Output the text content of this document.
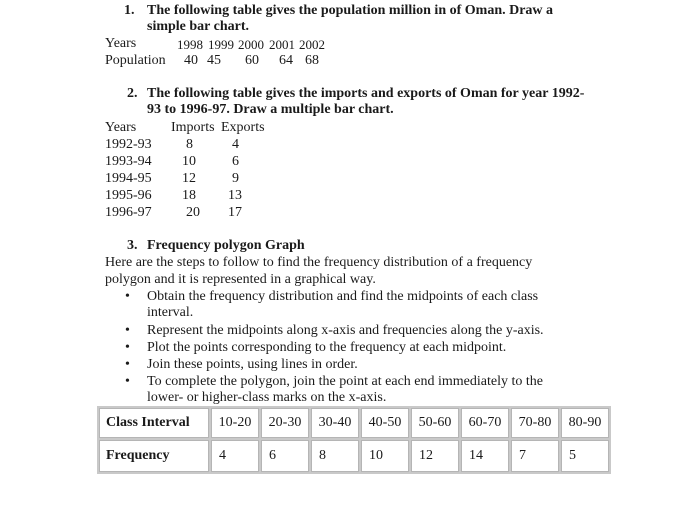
1. The following table gives the population million in of Oman. Draw a
simple bar chart.
Years	1998 1999 2000 2001 2002
Population 40 45 60 64 68
2. The following table gives the imports and exports of Oman for year 1992-
93 to 1996-97. Draw a multiple bar chart.
Years Imports Exports
1992-93 8	4
1993-94 10	6
1994-95 12	9
1995-96 18 13
1996-97 20 17
3. Frequency polygon Graph
Here are the steps to follow to find the frequency distribution of a frequency
polygon and it is represented in a graphical way.
• Obtain the frequency distribution and find the midpoints of each class
interval.
• Represent the midpoints along x-axis and frequencies along the y-axis.
• Plot the points corresponding to the frequency at each midpoint.
• Join these points, using lines in order.
• To complete the polygon, join the point at each end immediately to the
lower- or higher-class marks on the x-axis.
Class Interval	10-20	20-30	30-40	40-50	50-60	60-70	70-80	80-90
Frequency	4	6	8	10	12	14	7	5
